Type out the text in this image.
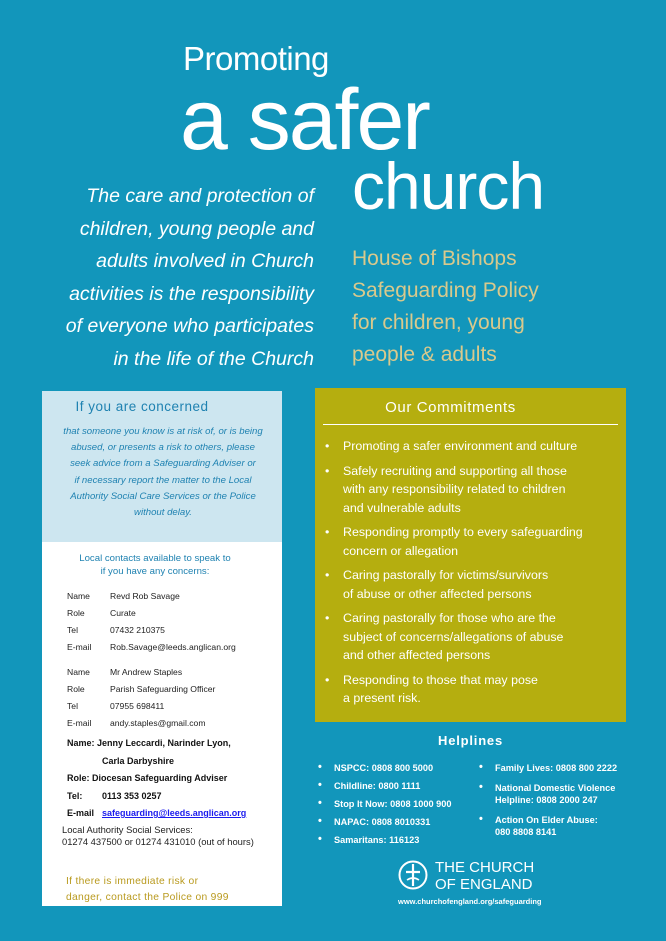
Promoting
a safer
church
The care and protection of
children, young people and
adults involved in Church
activities is the responsibility
of everyone who participates
in the life of the Church
House of Bishops
Safeguarding Policy
for children, young
people & adults
If you are concerned
that someone you know is at risk of, or is being
abused, or presents a risk to others, please
seek advice from a Safeguarding Adviser or
if necessary report the matter to the Local
Authority Social Care Services or the Police
without delay.
Local contacts available to speak to
if you have any concerns:
Name Revd Rob Savage
Role	Curate
Tel	07432 210375
E-mail Rob.Savage@leeds.anglican.org
Name Mr Andrew Staples
Role	Parish Safeguarding Officer
Tel	07955 698411
E-mail andy.staples@gmail.com
Name: Jenny Leccardi, Narinder Lyon,
Carla Darbyshire
Role: Diocesan Safeguarding Adviser
Tel: 0113 353 0257
E-mail safeguarding@leeds.anglican.org
Local Authority Social Services:
01274 437500 or 01274 431010 (out of hours)
If there is immediate risk or
danger, contact the Police on 999
Our Commitments
• Promoting a safer environment and culture
• Safely recruiting and supporting all those
with any responsibility related to children
and vulnerable adults
• Responding promptly to every safeguarding
concern or allegation
• Caring pastorally for victims/survivors
of abuse or other affected persons
• Caring pastorally for those who are the
subject of concerns/allegations of abuse
and other affected persons
• Responding to those that may pose
a present risk.
Helplines
• NSPCC: 0808 800 5000
• Childline: 0800 1111
• Stop It Now: 0808 1000 900
• NAPAC: 0808 8010331
• Samaritans: 116123
• Family Lives: 0808 800 2222
• National Domestic Violence
Helpline: 0808 2000 247
• Action On Elder Abuse:
080 8808 8141
THE CHURCH
OF ENGLAND
www.churchofengland.org/safeguarding
